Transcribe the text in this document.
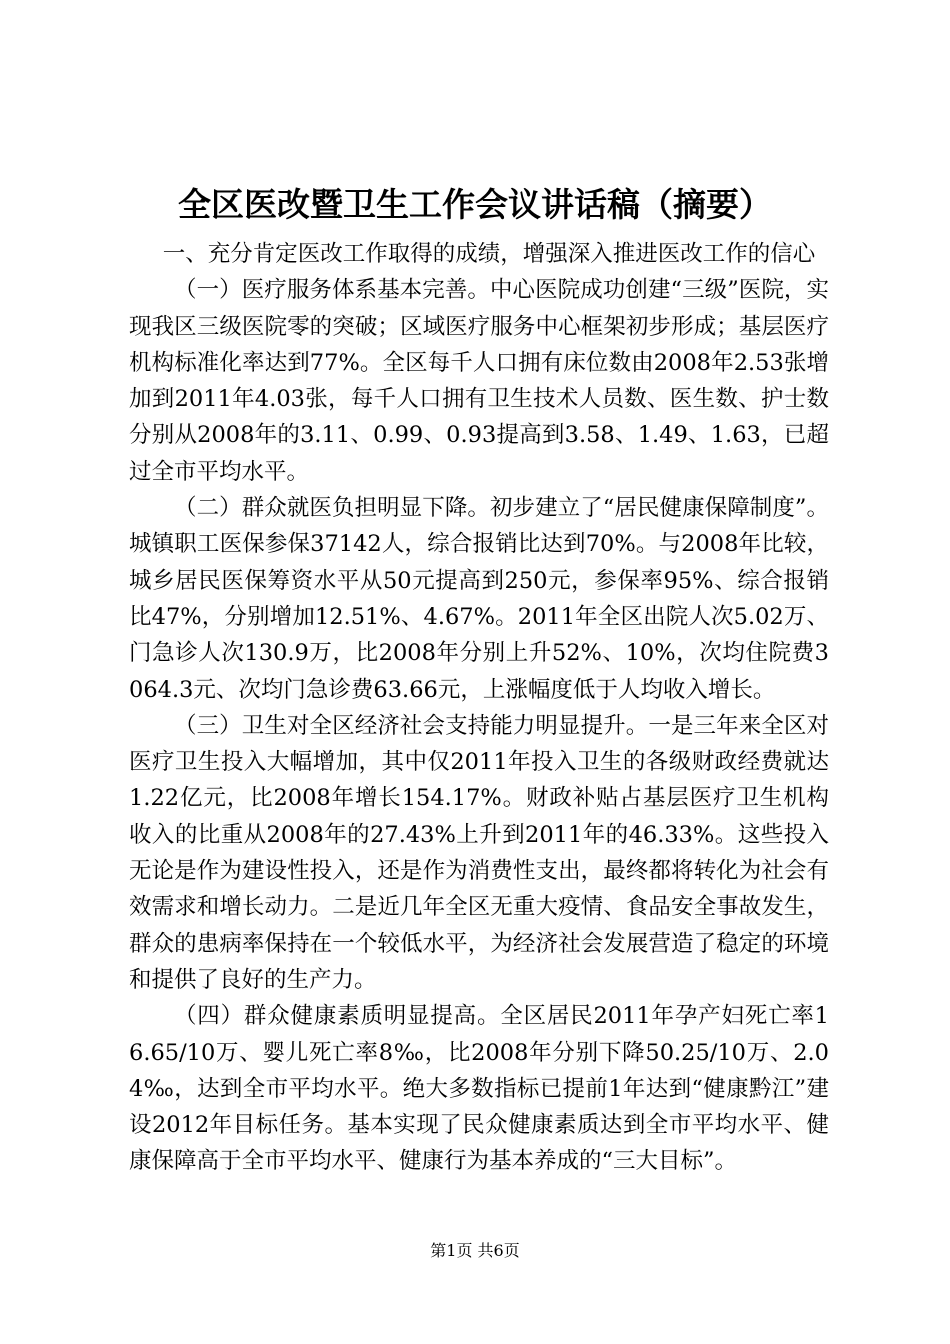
全区医改暨卫生工作会议讲话稿（摘要）

一、充分肯定医改工作取得的成绩，增强深入推进医改工作的信心

（一）医疗服务体系基本完善。中心医院成功创建“三级”医院，实现我区三级医院零的突破；区域医疗服务中心框架初步形成；基层医疗机构标准化率达到77%。全区每千人口拥有床位数由2008年2.53张增加到2011年4.03张，每千人口拥有卫生技术人员数、医生数、护士数分别从2008年的3.11、0.99、0.93提高到3.58、1.49、1.63，已超过全市平均水平。

（二）群众就医负担明显下降。初步建立了“居民健康保障制度”。城镇职工医保参保37142人，综合报销比达到70%。与2008年比较，城乡居民医保筹资水平从50元提高到250元，参保率95%、综合报销比47%，分别增加12.51%、4.67%。2011年全区出院人次5.02万、门急诊人次130.9万，比2008年分别上升52%、10%，次均住院费3064.3元、次均门急诊费63.66元，上涨幅度低于人均收入增长。

（三）卫生对全区经济社会支持能力明显提升。一是三年来全区对医疗卫生投入大幅增加，其中仅2011年投入卫生的各级财政经费就达1.22亿元，比2008年增长154.17%。财政补贴占基层医疗卫生机构收入的比重从2008年的27.43%上升到2011年的46.33%。这些投入无论是作为建设性投入，还是作为消费性支出，最终都将转化为社会有效需求和增长动力。二是近几年全区无重大疫情、食品安全事故发生，群众的患病率保持在一个较低水平，为经济社会发展营造了稳定的环境和提供了良好的生产力。

（四）群众健康素质明显提高。全区居民2011年孕产妇死亡率16.65/10万、婴儿死亡率8‰，比2008年分别下降50.25/10万、2.04‰，达到全市平均水平。绝大多数指标已提前1年达到“健康黔江”建设2012年目标任务。基本实现了民众健康素质达到全市平均水平、健康保障高于全市平均水平、健康行为基本养成的“三大目标”。

第1页 共6页
